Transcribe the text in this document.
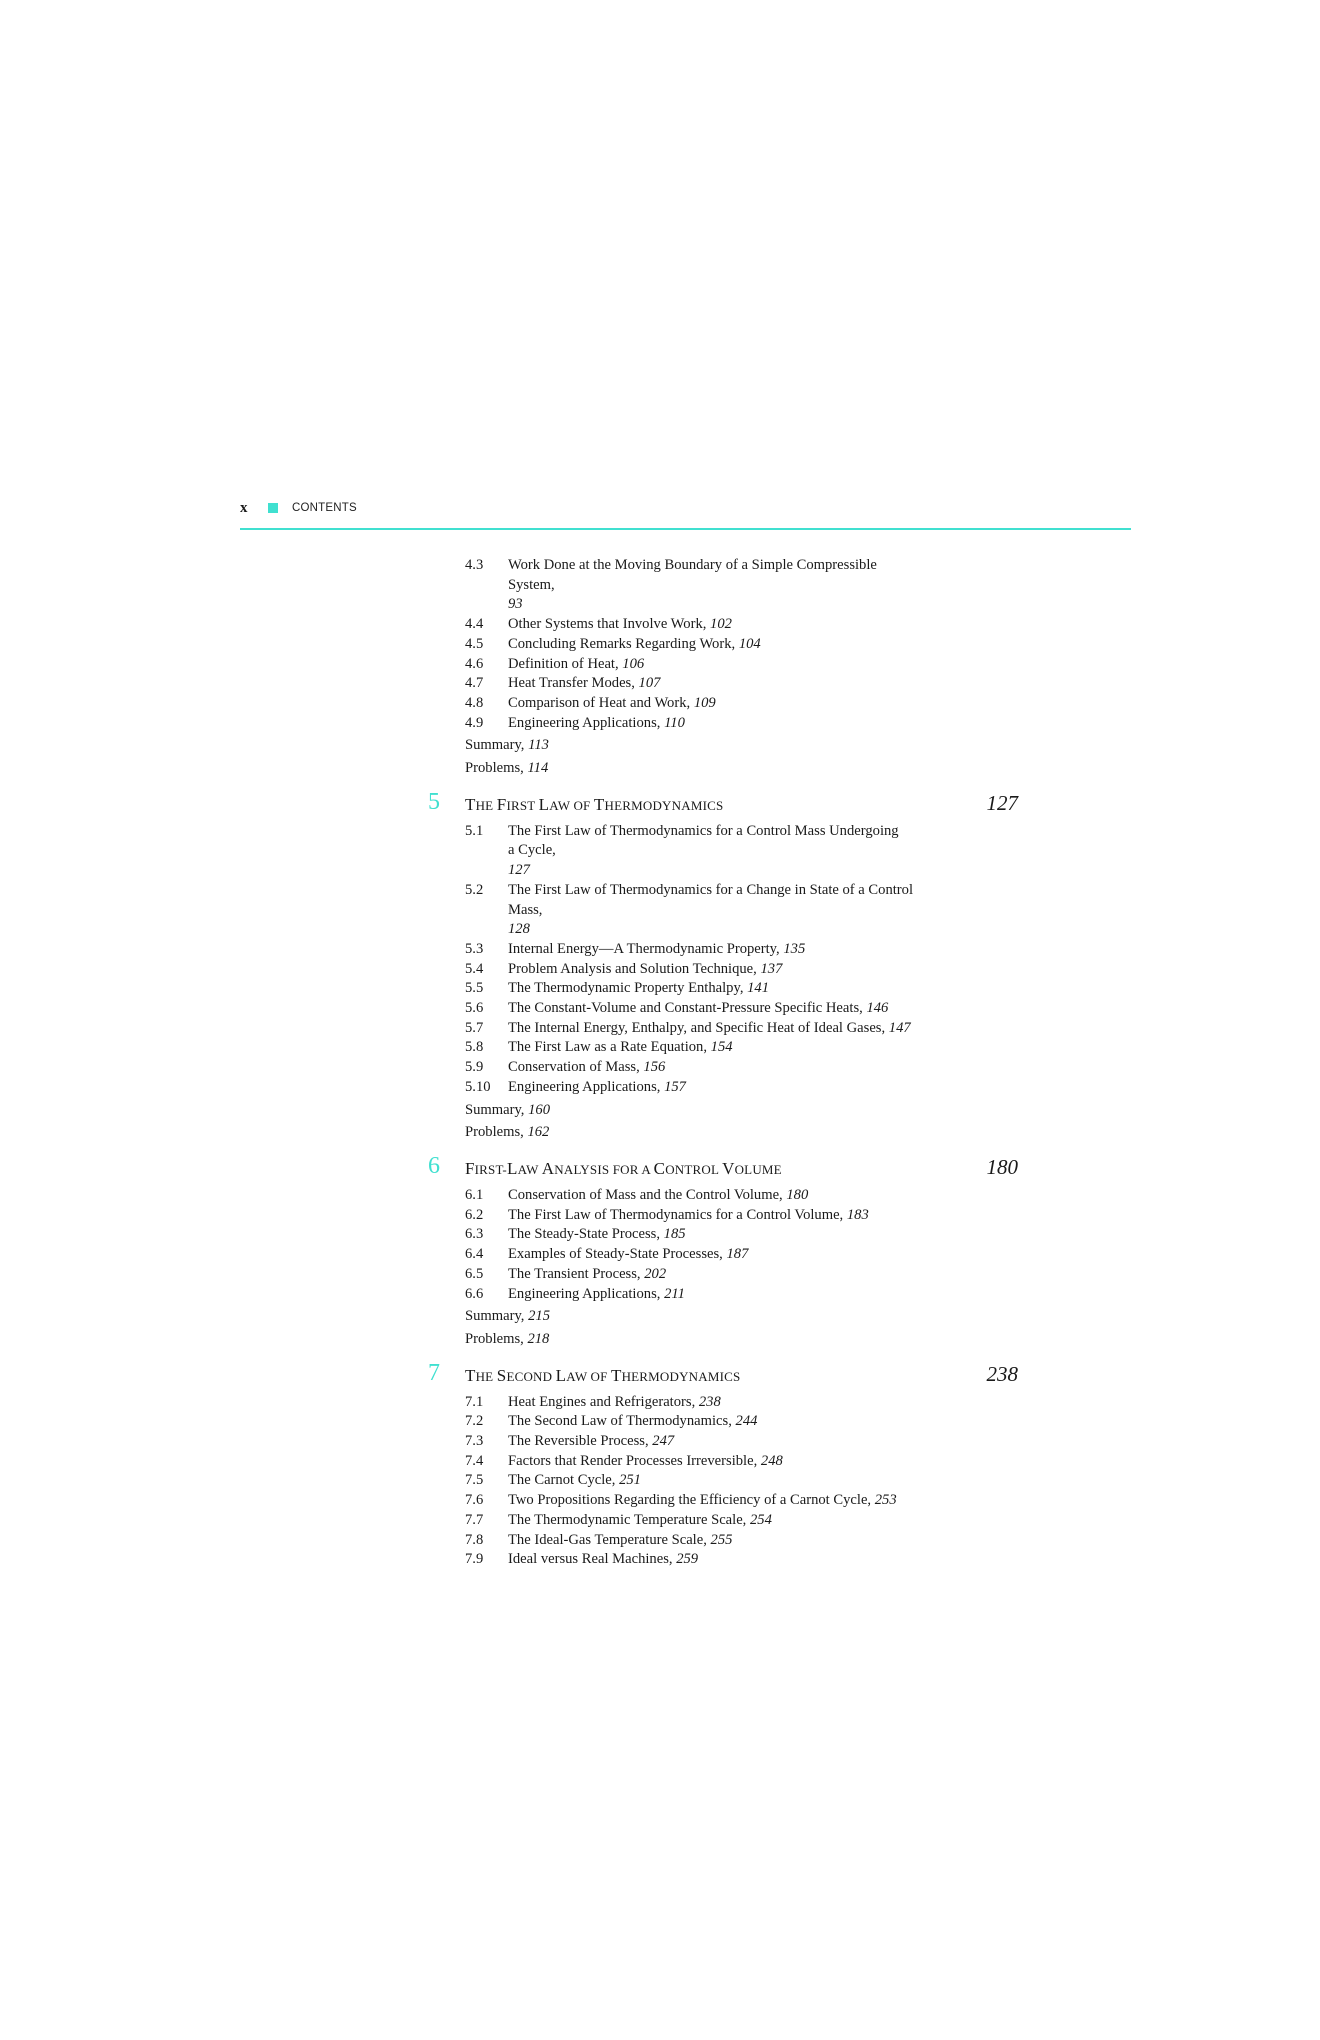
x	CONTENTS
4.3 Work Done at the Moving Boundary of a Simple Compressible
System,
93
4.4 Other Systems that Involve Work, 102
4.5 Concluding Remarks Regarding Work, 104
4.6 Definition of Heat, 106
4.7 Heat Transfer Modes, 107
4.8 Comparison of Heat and Work, 109
4.9 Engineering Applications, 110
Summary, 113
Problems, 114
5 THE FIRST LAW OF THERMODYNAMICS	127
5.1 The First Law of Thermodynamics for a Control Mass Undergoing
a Cycle,
127
5.2 The First Law of Thermodynamics for a Change in State of a Control
Mass,
128
5.3 Internal Energy—A Thermodynamic Property, 135
5.4 Problem Analysis and Solution Technique, 137
5.5 The Thermodynamic Property Enthalpy, 141
5.6 The Constant-Volume and Constant-Pressure Specific Heats, 146
5.7 The Internal Energy, Enthalpy, and Specific Heat of Ideal Gases, 147
5.8 The First Law as a Rate Equation, 154
5.9 Conservation of Mass, 156
5.10 Engineering Applications, 157
Summary, 160
Problems, 162
6 FIRST-LAW ANALYSIS FOR A CONTROL VOLUME	180
6.1 Conservation of Mass and the Control Volume, 180
6.2 The First Law of Thermodynamics for a Control Volume, 183
6.3 The Steady-State Process, 185
6.4 Examples of Steady-State Processes, 187
6.5 The Transient Process, 202
6.6 Engineering Applications, 211
Summary, 215
Problems, 218
7 THE SECOND LAW OF THERMODYNAMICS	238
7.1 Heat Engines and Refrigerators, 238
7.2 The Second Law of Thermodynamics, 244
7.3 The Reversible Process, 247
7.4 Factors that Render Processes Irreversible, 248
7.5 The Carnot Cycle, 251
7.6 Two Propositions Regarding the Efficiency of a Carnot Cycle, 253
7.7 The Thermodynamic Temperature Scale, 254
7.8 The Ideal-Gas Temperature Scale, 255
7.9 Ideal versus Real Machines, 259
